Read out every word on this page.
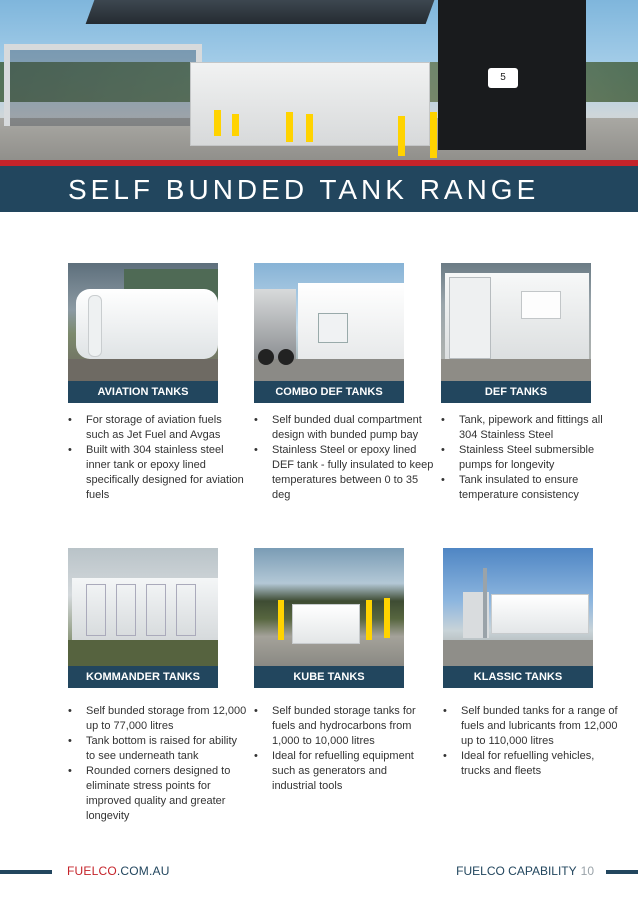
5
SELF BUNDED TANK RANGE
AVIATION TANKS	COMBO DEF TANKS	DEF TANKS
• For storage of aviation fuels such as Jet Fuel and Avgas
• Built with 304 stainless steel inner tank or epoxy lined specifically designed for aviation fuels
• Self bunded dual compartment design with bunded pump bay
• Stainless Steel or epoxy lined DEF tank - fully insulated to keep temperatures between 0 to 35 deg
• Tank, pipework and fittings all 304 Stainless Steel
• Stainless Steel submersible pumps for longevity
• Tank insulated to ensure temperature consistency
KOMMANDER TANKS	KUBE TANKS	KLASSIC TANKS
• Self bunded storage from 12,000 up to 77,000 litres
• Tank bottom is raised for ability to see underneath tank
• Rounded corners designed to eliminate stress points for improved quality and greater longevity
• Self bunded storage tanks for fuels and hydrocarbons from 1,000 to 10,000 litres
• Ideal for refuelling equipment such as generators and industrial tools
• Self bunded tanks for a range of fuels and lubricants from 12,000 up to 110,000 litres
• Ideal for refuelling vehicles, trucks and fleets
FUELCO.COM.AU	FUELCO CAPABILITY 10
